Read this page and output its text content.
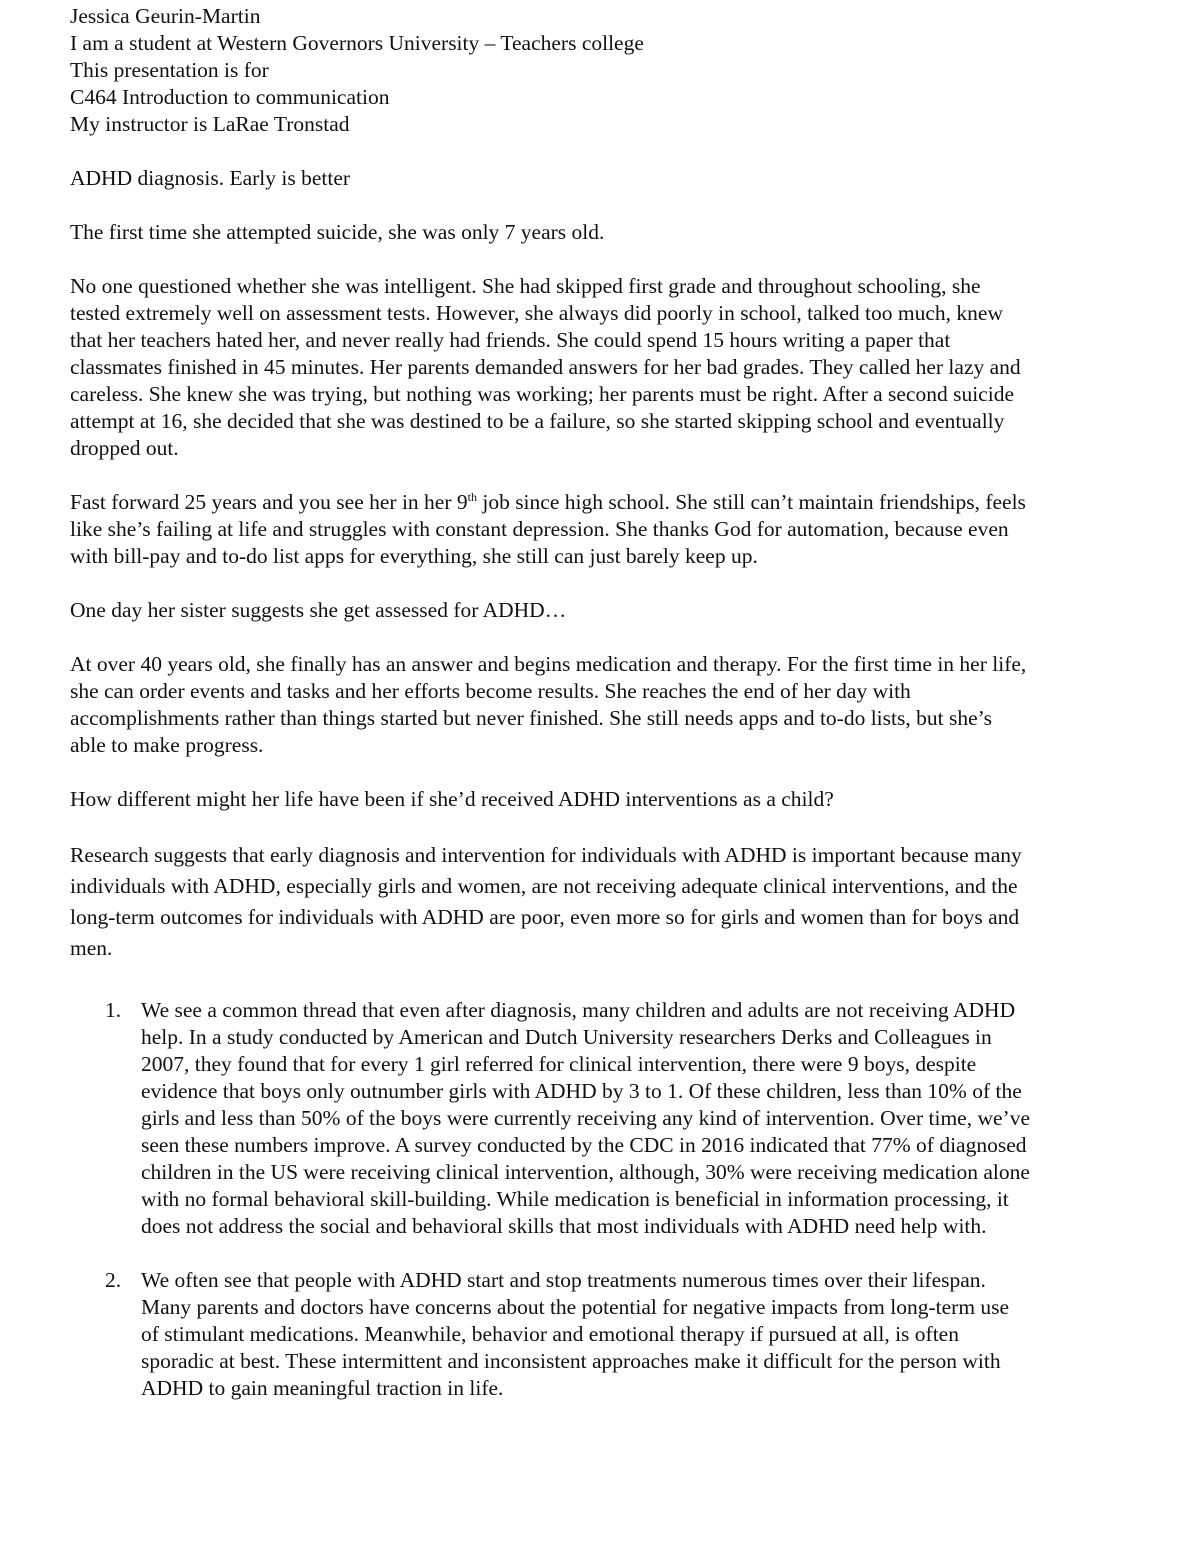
Jessica Geurin-Martin

I am a student at Western Governors University – Teachers college

This presentation is for

C464 Introduction to communication

My instructor is LaRae Tronstad

ADHD diagnosis. Early is better

The first time she attempted suicide, she was only 7 years old.

No one questioned whether she was intelligent. She had skipped first grade and throughout schooling, she tested extremely well on assessment tests. However, she always did poorly in school, talked too much, knew that her teachers hated her, and never really had friends. She could spend 15 hours writing a paper that classmates finished in 45 minutes. Her parents demanded answers for her bad grades. They called her lazy and careless. She knew she was trying, but nothing was working; her parents must be right. After a second suicide attempt at 16, she decided that she was destined to be a failure, so she started skipping school and eventually dropped out.

Fast forward 25 years and you see her in her 9th job since high school. She still can’t maintain friendships, feels like she’s failing at life and struggles with constant depression. She thanks God for automation, because even with bill-pay and to-do list apps for everything, she still can just barely keep up.

One day her sister suggests she get assessed for ADHD…

At over 40 years old, she finally has an answer and begins medication and therapy. For the first time in her life, she can order events and tasks and her efforts become results. She reaches the end of her day with accomplishments rather than things started but never finished. She still needs apps and to-do lists, but she’s able to make progress.

How different might her life have been if she’d received ADHD interventions as a child?

Research suggests that early diagnosis and intervention for individuals with ADHD is important because many individuals with ADHD, especially girls and women, are not receiving adequate clinical interventions, and the long-term outcomes for individuals with ADHD are poor, even more so for girls and women than for boys and men.

1. We see a common thread that even after diagnosis, many children and adults are not receiving ADHD help. In a study conducted by American and Dutch University researchers Derks and Colleagues in 2007, they found that for every 1 girl referred for clinical intervention, there were 9 boys, despite evidence that boys only outnumber girls with ADHD by 3 to 1. Of these children, less than 10% of the girls and less than 50% of the boys were currently receiving any kind of intervention. Over time, we’ve seen these numbers improve. A survey conducted by the CDC in 2016 indicated that 77% of diagnosed children in the US were receiving clinical intervention, although, 30% were receiving medication alone with no formal behavioral skill-building. While medication is beneficial in information processing, it does not address the social and behavioral skills that most individuals with ADHD need help with.
2. We often see that people with ADHD start and stop treatments numerous times over their lifespan. Many parents and doctors have concerns about the potential for negative impacts from long-term use of stimulant medications. Meanwhile, behavior and emotional therapy if pursued at all, is often sporadic at best. These intermittent and inconsistent approaches make it difficult for the person with ADHD to gain meaningful traction in life.
